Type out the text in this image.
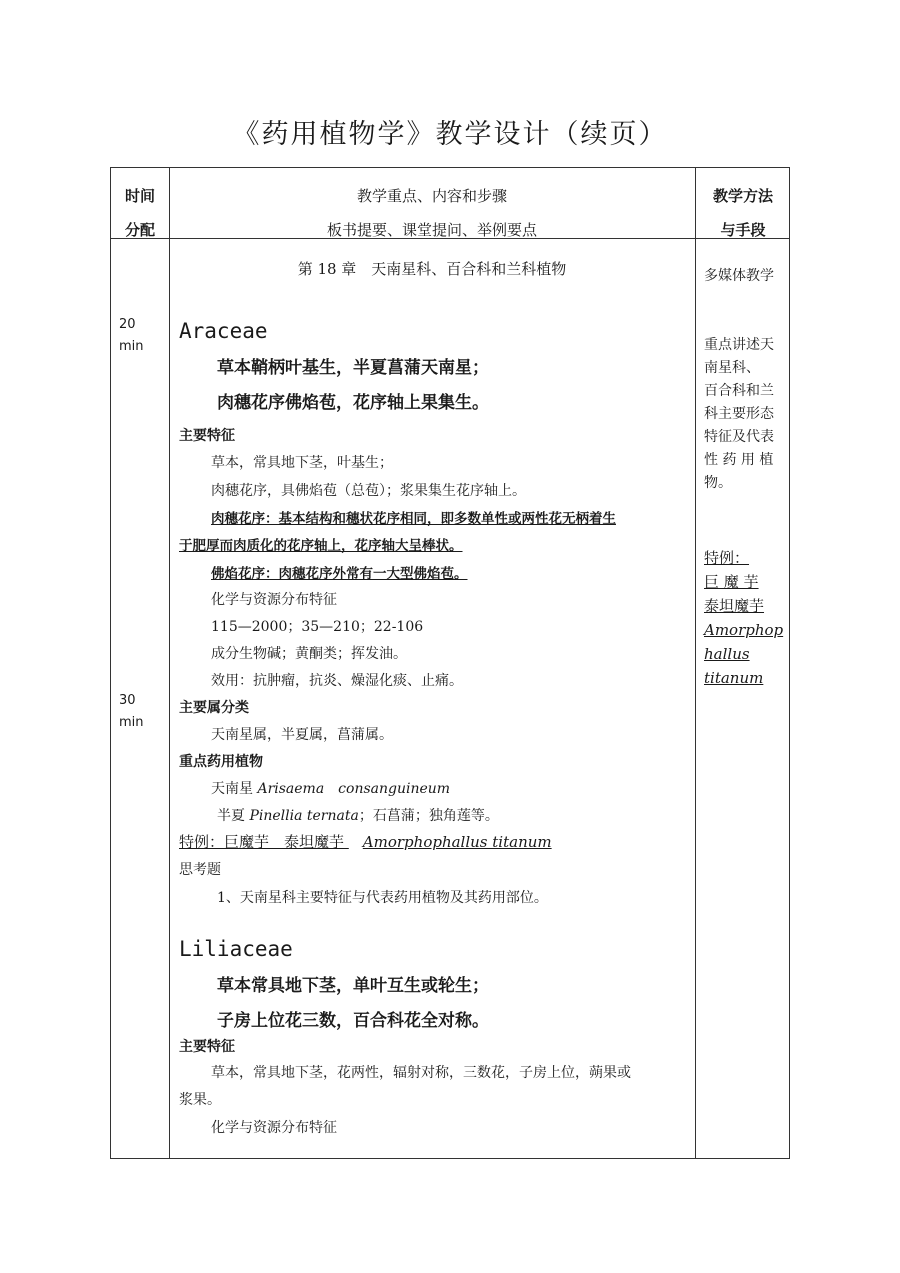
《药用植物学》教学设计（续页）
时间
分配
教学重点、内容和步骤
板书提要、课堂提问、举例要点
教学方法
与手段
20
min
30
min
第 18 章　天南星科、百合科和兰科植物
Araceae
草本鞘柄叶基生，半夏菖蒲天南星；
肉穗花序佛焰苞，花序轴上果集生。
主要特征
草本，常具地下茎，叶基生；
肉穗花序，具佛焰苞（总苞）；浆果集生花序轴上。
肉穗花序：基本结构和穗状花序相同，即多数单性或两性花无柄着生
于肥厚而肉质化的花序轴上，花序轴大呈棒状。
佛焰花序：肉穗花序外常有一大型佛焰苞。
化学与资源分布特征
115—2000；35—210；22-106
成分生物碱；黄酮类；挥发油。
效用：抗肿瘤，抗炎、燥湿化痰、止痛。
主要属分类
天南星属，半夏属，菖蒲属。
重点药用植物
天南星 Arisaema　consanguineum
半夏 Pinellia ternata；石菖蒲；独角莲等。
特例：巨魔芋　泰坦魔芋 Amorphophallus titanum
思考题
1、天南星科主要特征与代表药用植物及其药用部位。
Liliaceae
草本常具地下茎，单叶互生或轮生；
子房上位花三数，百合科花全对称。
主要特征
草本，常具地下茎，花两性，辐射对称，三数花，子房上位，蒴果或
浆果。
化学与资源分布特征
多媒体教学
重点讲述天
南星科、
百合科和兰
科主要形态
特征及代表
性 药 用 植
物。
特例：
巨 魔 芋
泰坦魔芋
Amorphop
hallus
titanum
